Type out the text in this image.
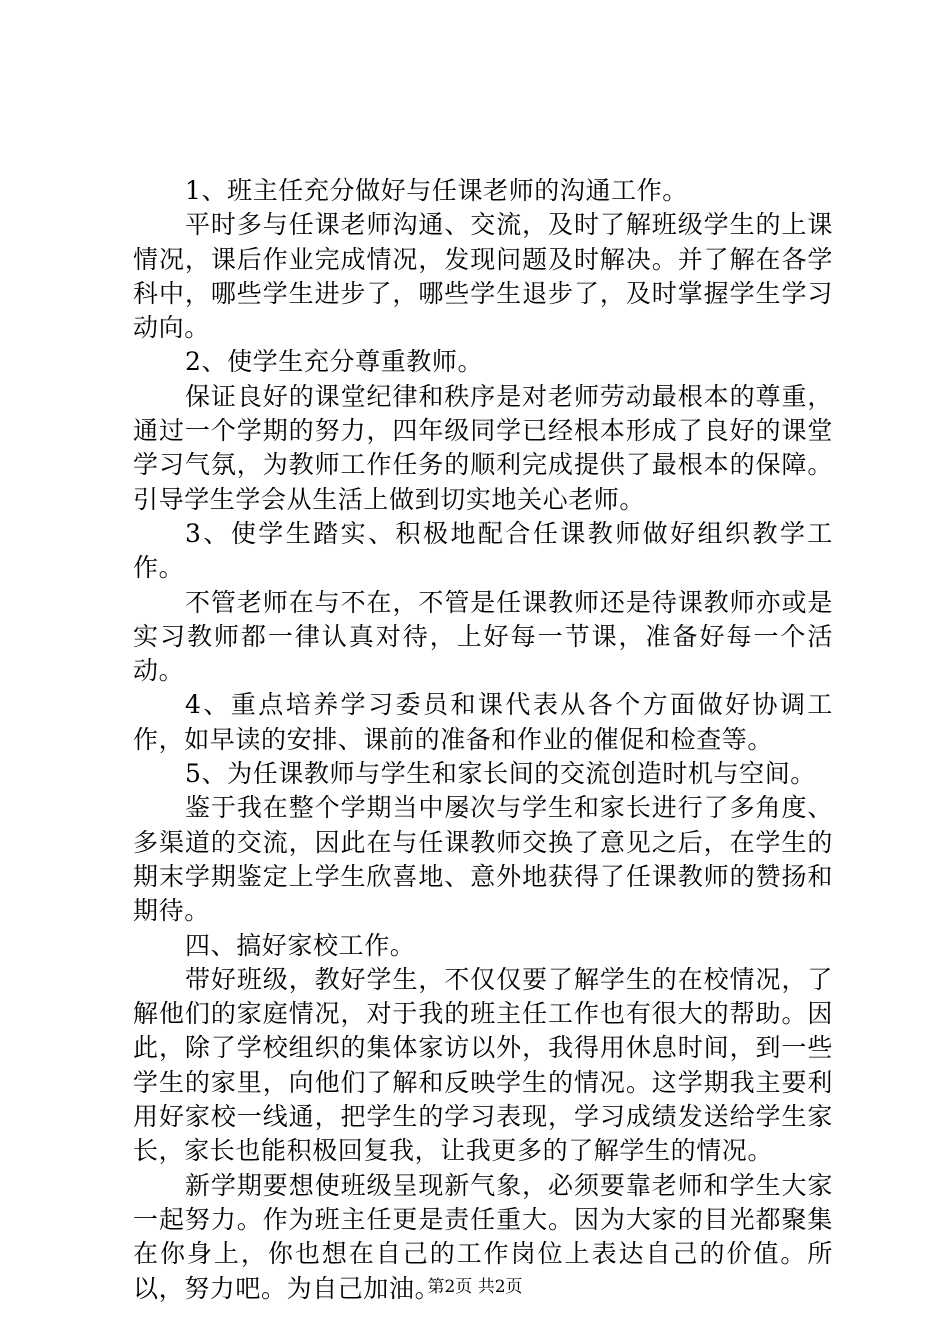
1、班主任充分做好与任课老师的沟通工作。

平时多与任课老师沟通、交流，及时了解班级学生的上课情况，课后作业完成情况，发现问题及时解决。并了解在各学科中，哪些学生进步了，哪些学生退步了，及时掌握学生学习动向。

2、使学生充分尊重教师。

保证良好的课堂纪律和秩序是对老师劳动最根本的尊重，通过一个学期的努力，四年级同学已经根本形成了良好的课堂学习气氛，为教师工作任务的顺利完成提供了最根本的保障。引导学生学会从生活上做到切实地关心老师。

3、使学生踏实、积极地配合任课教师做好组织教学工作。

不管老师在与不在，不管是任课教师还是待课教师亦或是实习教师都一律认真对待，上好每一节课，准备好每一个活动。

4、重点培养学习委员和课代表从各个方面做好协调工作，如早读的安排、课前的准备和作业的催促和检查等。

5、为任课教师与学生和家长间的交流创造时机与空间。

鉴于我在整个学期当中屡次与学生和家长进行了多角度、多渠道的交流，因此在与任课教师交换了意见之后，在学生的期末学期鉴定上学生欣喜地、意外地获得了任课教师的赞扬和期待。

四、搞好家校工作。

带好班级，教好学生，不仅仅要了解学生的在校情况，了解他们的家庭情况，对于我的班主任工作也有很大的帮助。因此，除了学校组织的集体家访以外，我得用休息时间，到一些学生的家里，向他们了解和反映学生的情况。这学期我主要利用好家校一线通，把学生的学习表现，学习成绩发送给学生家长，家长也能积极回复我，让我更多的了解学生的情况。

新学期要想使班级呈现新气象，必须要靠老师和学生大家一起努力。作为班主任更是责任重大。因为大家的目光都聚集在你身上，你也想在自己的工作岗位上表达自己的价值。所以，努力吧。为自己加油。

第2页 共2页
